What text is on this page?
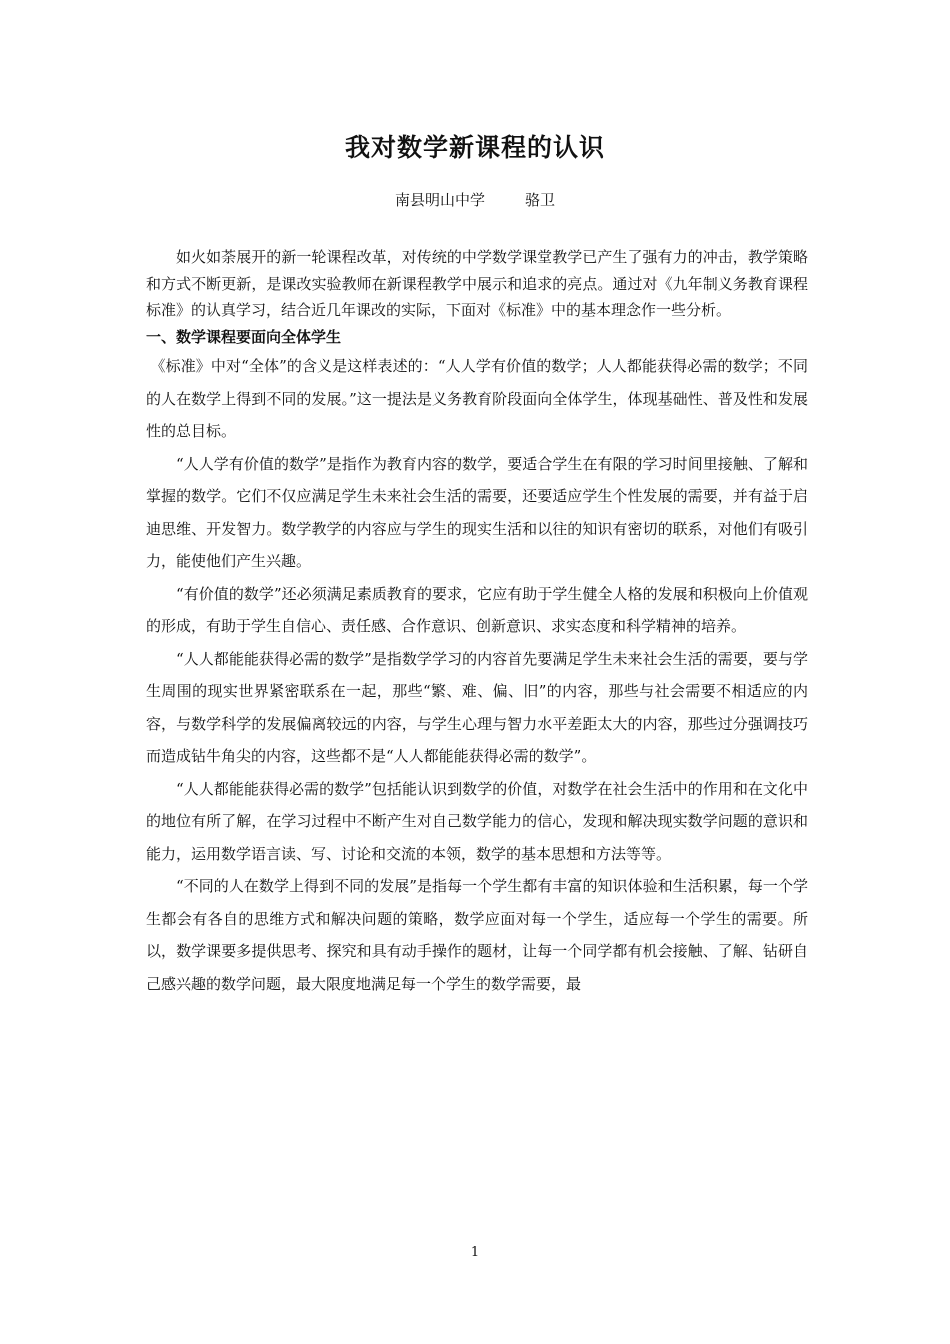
我对数学新课程的认识
南县明山中学	骆卫

如火如荼展开的新一轮课程改革，对传统的中学数学课堂教学已产生了强有力的冲击，教学策略和方式不断更新，是课改实验教师在新课程教学中展示和追求的亮点。通过对《九年制义务教育课程标准》的认真学习，结合近几年课改的实际，下面对《标准》中的基本理念作一些分析。

一、数学课程要面向全体学生

《标准》中对“全体”的含义是这样表述的：“人人学有价值的数学；人人都能获得必需的数学；不同的人在数学上得到不同的发展。”这一提法是义务教育阶段面向全体学生，体现基础性、普及性和发展性的总目标。

“人人学有价值的数学”是指作为教育内容的数学，要适合学生在有限的学习时间里接触、了解和掌握的数学。它们不仅应满足学生未来社会生活的需要，还要适应学生个性发展的需要，并有益于启迪思维、开发智力。数学教学的内容应与学生的现实生活和以往的知识有密切的联系，对他们有吸引力，能使他们产生兴趣。

“有价值的数学”还必须满足素质教育的要求，它应有助于学生健全人格的发展和积极向上价值观的形成，有助于学生自信心、责任感、合作意识、创新意识、求实态度和科学精神的培养。

“人人都能能获得必需的数学”是指数学学习的内容首先要满足学生未来社会生活的需要，要与学生周围的现实世界紧密联系在一起，那些“繁、难、偏、旧”的内容，那些与社会需要不相适应的内容，与数学科学的发展偏离较远的内容，与学生心理与智力水平差距太大的内容，那些过分强调技巧而造成钻牛角尖的内容，这些都不是“人人都能能获得必需的数学”。

“人人都能能获得必需的数学”包括能认识到数学的价值，对数学在社会生活中的作用和在文化中的地位有所了解，在学习过程中不断产生对自己数学能力的信心，发现和解决现实数学问题的意识和能力，运用数学语言读、写、讨论和交流的本领，数学的基本思想和方法等等。

“不同的人在数学上得到不同的发展”是指每一个学生都有丰富的知识体验和生活积累，每一个学生都会有各自的思维方式和解决问题的策略，数学应面对每一个学生，适应每一个学生的需要。所以，数学课要多提供思考、探究和具有动手操作的题材，让每一个同学都有机会接触、了解、钻研自己感兴趣的数学问题，最大限度地满足每一个学生的数学需要，最

1
